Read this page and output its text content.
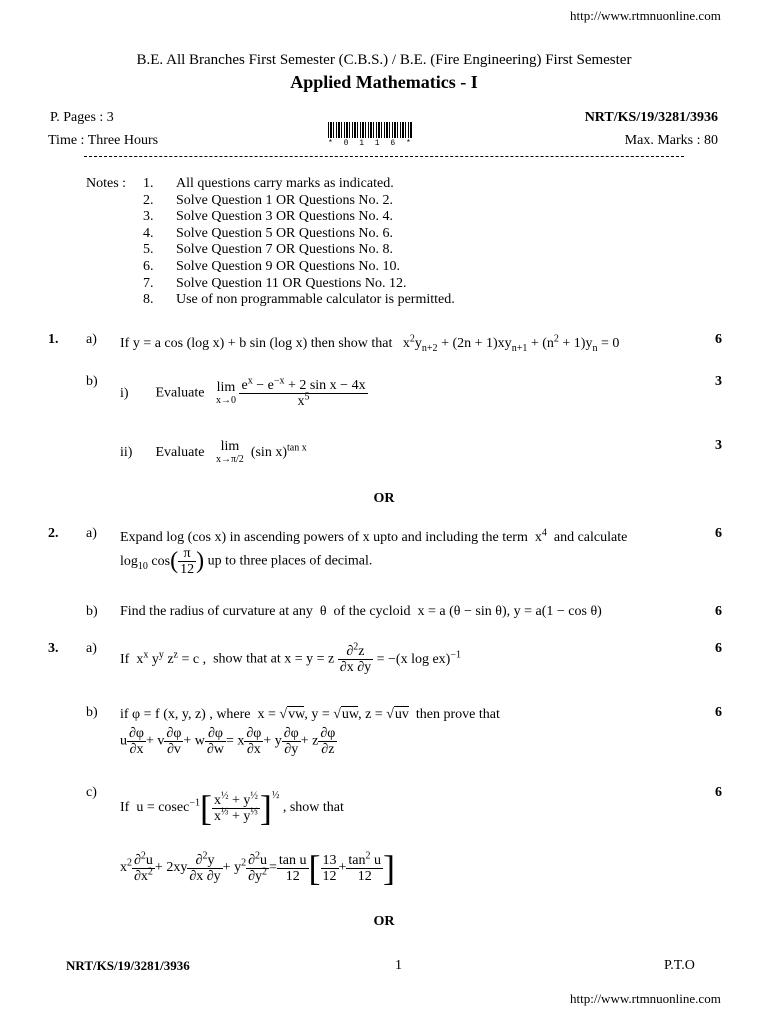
http://www.rtmnuonline.com
B.E. All Branches First Semester (C.B.S.) / B.E. (Fire Engineering) First Semester
Applied Mathematics - I
P. Pages : 3	NRT/KS/19/3281/3936
Time : Three Hours	Max. Marks : 80
* 0 1 1 6 *
Notes : 1. All questions carry marks as indicated.
2. Solve Question 1 OR Questions No. 2.
3. Solve Question 3 OR Questions No. 4.
4. Solve Question 5 OR Questions No. 6.
5. Solve Question 7 OR Questions No. 8.
6. Solve Question 9 OR Questions No. 10.
7. Solve Question 11 OR Questions No. 12.
8. Use of non programmable calculator is permitted.
1. a) If y = a cos (log x) + b sin (log x) then show that   $x^2y_{n+2} + (2n + 1)xy_{n+1} + (n^2 + 1)y_n = 0$	6
b)
i) Evaluate lim
x→0
$\frac{e^x - e^{-x} + 2 \sin x - 4x}{x^5}$	3
ii) Evaluate lim
x→π/2 (sin x)$^{tan x}$	3
OR
2. a) Expand log (cos x) in ascending powers of x upto and including the term  $x^4$ and calculate
$\log_{10} \cos( \frac{\pi}{12}$ ) up to three places of decimal.
6
b) Find the radius of curvature at any  θ  of the cycloid  x = a (θ − sin θ), y = a(1 − cos θ)	6
3. a)
If  $x^x$ $y^y$ $z^z = c$ ,  show that at x = y = z $\frac{\partial^2z}{\partial x \partial y} = -(x$ log ex)$^{-1}$	6
b) if φ = f (x, y, z) , where  x = √vw, y = √uw, z = √uv then prove that
u $\frac{\partial\varphi}{\partial x} + v \frac{\partial\varphi}{\partial v} + w \frac{\partial\varphi}{\partial w} = x \frac{\partial\varphi}{\partial x} + y \frac{\partial\varphi}{\partial y} + z \frac{\partial\varphi}{\partial z}$
6
c)
If  $u = cosec^{-1}[ \frac{x^{\frac{1}{2}} + y^{\frac{1}{2}}}{x^{\frac{1}{3}} + y^{\frac{1}{3}}} ]^{\frac{1}{2}}$ , show that
$x^2 \frac{\partial^2u}{\partial x^2} + 2xy \frac{\partial^2y}{\partial x \partial y} + y^2 \frac{\partial^2u}{\partial y^2} = \frac{\text{tan u}}{12}$ [ $\frac{13}{12} + \frac{\tan^2 u}{12}$ ]
6
OR
NRT/KS/19/3281/3936	1	P.T.O
http://www.rtmnuonline.com
